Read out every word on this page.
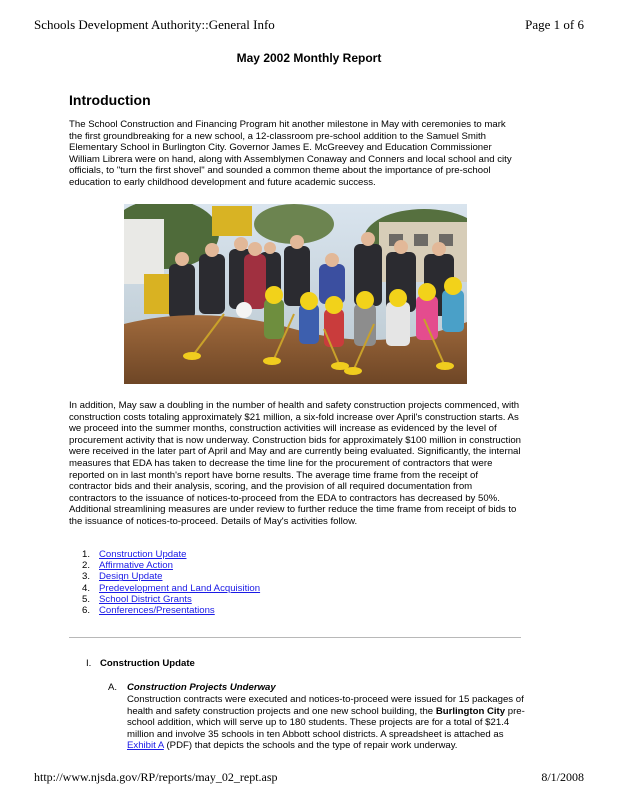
Schools Development Authority::General Info	Page 1 of 6
May 2002 Monthly Report
Introduction

The School Construction and Financing Program hit another milestone in May with ceremonies to mark the first groundbreaking for a new school, a 12-classroom pre-school addition to the Samuel Smith Elementary School in Burlington City. Governor James E. McGreevey and Education Commissioner William Librera were on hand, along with Assemblymen Conaway and Conners and local school and city officials, to "turn the first shovel" and sounded a common theme about the importance of pre-school education to early childhood development and future academic success.

In addition, May saw a doubling in the number of health and safety construction projects commenced, with construction costs totaling approximately $21 million, a six-fold increase over April's construction starts. As we proceed into the summer months, construction activities will increase as evidenced by the level of procurement activity that is now underway. Construction bids for approximately $100 million in construction were received in the later part of April and May and are currently being evaluated. Significantly, the internal measures that EDA has taken to decrease the time line for the procurement of contractors that were reported on in last month's report have borne results. The average time frame from the receipt of contractor bids and their analysis, scoring, and the provision of all required documentation from contractors to the issuance of notices-to-proceed from the EDA to contractors has decreased by 50%. Additional streamlining measures are under review to further reduce the time frame from receipt of bids to the issuance of notices-to-proceed. Details of May's activities follow.

1. Construction Update
2. Affirmative Action
3. Design Update
4. Predevelopment and Land Acquisition
5. School District Grants
6. Conferences/Presentations
I. Construction Update
A. Construction Projects Underway

Construction contracts were executed and notices-to-proceed were issued for 15 packages of health and safety construction projects and one new school building, the Burlington City pre-school addition, which will serve up to 180 students. These projects are for a total of $21.4 million and involve 35 schools in ten Abbott school districts. A spreadsheet is attached as Exhibit A (PDF) that depicts the schools and the type of repair work underway.

http://www.njsda.gov/RP/reports/may_02_rept.asp	8/1/2008
